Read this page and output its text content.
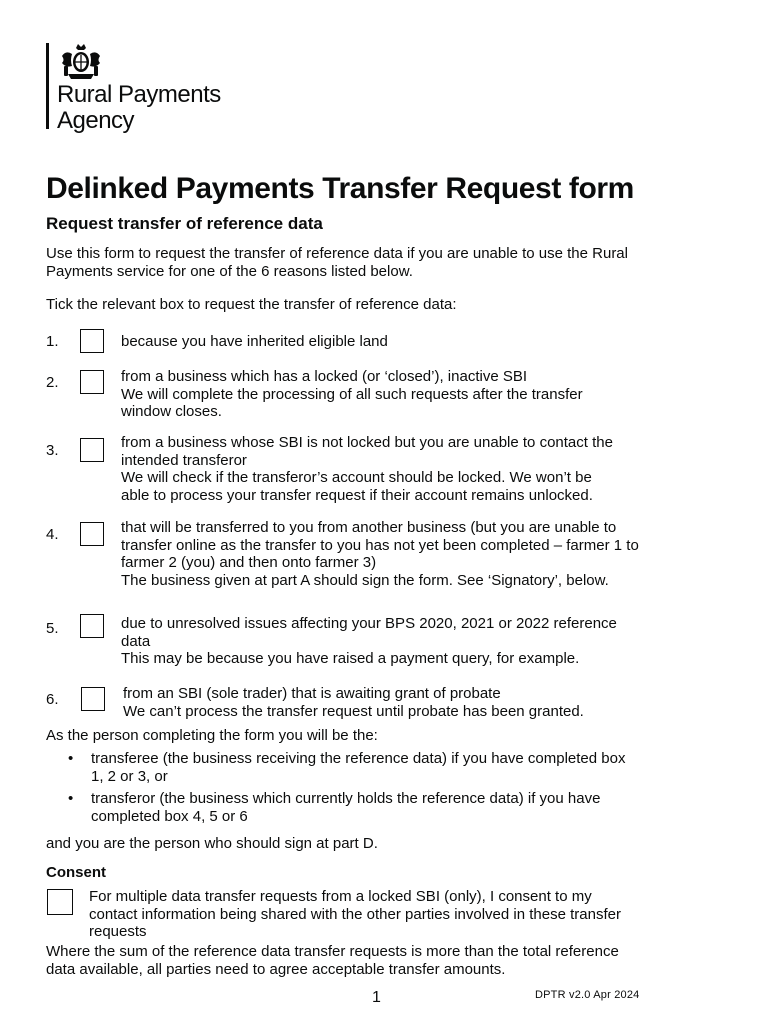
Rural Payments
Agency
Delinked Payments Transfer Request form
Request transfer of reference data
Use this form to request the transfer of reference data if you are unable to use the Rural
Payments service for one of the 6 reasons listed below.
Tick the relevant box to request the transfer of reference data:
1.	because you have inherited eligible land
2.	from a business which has a locked (or ‘closed’), inactive SBI
We will complete the processing of all such requests after the transfer
window closes.
3.	from a business whose SBI is not locked but you are unable to contact the
intended transferor
We will check if the transferor’s account should be locked. We won’t be
able to process your transfer request if their account remains unlocked.
4.	that will be transferred to you from another business (but you are unable to
transfer online as the transfer to you has not yet been completed – farmer 1 to
farmer 2 (you) and then onto farmer 3)
The business given at part A should sign the form. See ‘Signatory’, below.
5.	due to unresolved issues affecting your BPS 2020, 2021 or 2022 reference
data
This may be because you have raised a payment query, for example.
6.	from an SBI (sole trader) that is awaiting grant of probate
We can’t process the transfer request until probate has been granted.
As the person completing the form you will be the:
• transferee (the business receiving the reference data) if you have completed box
1, 2 or 3, or
• transferor (the business which currently holds the reference data) if you have
completed box 4, 5 or 6
and you are the person who should sign at part D.
Consent
For multiple data transfer requests from a locked SBI (only), I consent to my
contact information being shared with the other parties involved in these transfer
requests
Where the sum of the reference data transfer requests is more than the total reference
data available, all parties need to agree acceptable transfer amounts.
1	DPTR v2.0 Apr 2024
